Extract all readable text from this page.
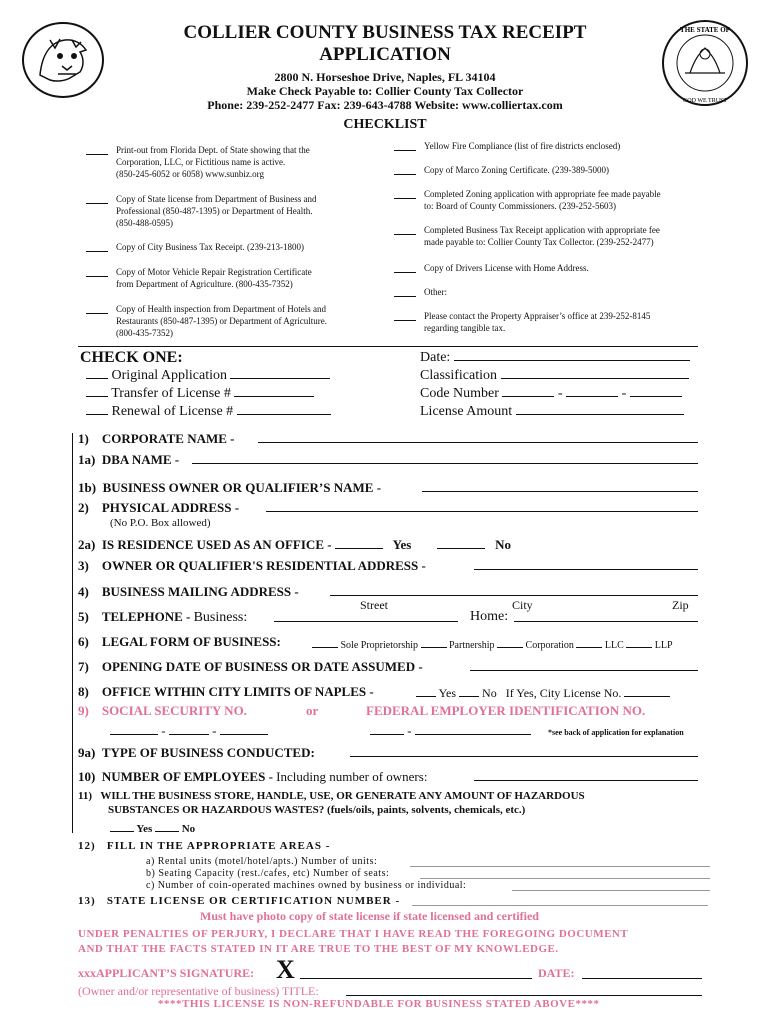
THE STATE OF
GOD WE TRUST
COLLIER COUNTY BUSINESS TAX RECEIPT
APPLICATION
2800 N. Horseshoe Drive, Naples, FL 34104
Make Check Payable to: Collier County Tax Collector
Phone: 239-252-2477 Fax: 239-643-4788 Website: www.colliertax.com
CHECKLIST
Print-out from Florida Dept. of State showing that the
Corporation, LLC, or Fictitious name is active.
(850-245-6052 or 6058) www.sunbiz.org
Copy of State license from Department of Business and
Professional (850-487-1395) or Department of Health.
(850-488-0595)
Copy of City Business Tax Receipt. (239-213-1800)
Copy of Motor Vehicle Repair Registration Certificate
from Department of Agriculture. (800-435-7352)
Copy of Health inspection from Department of Hotels and
Restaurants (850-487-1395) or Department of Agriculture.
(800-435-7352)
Yellow Fire Compliance (list of fire districts enclosed)
Copy of Marco Zoning Certificate. (239-389-5000)
Completed Zoning application with appropriate fee made payable
to: Board of County Commissioners. (239-252-5603)
Completed Business Tax Receipt application with appropriate fee
made payable to: Collier County Tax Collector. (239-252-2477)
Copy of Drivers License with Home Address.
Other:
Please contact the Property Appraiser’s office at 239-252-8145
regarding tangible tax.
CHECK ONE:
Original Application
Transfer of License #
Renewal of License #
Date:
Classification
Code Number	-	-
License Amount
1) CORPORATE NAME -
1a) DBA NAME -
1b) BUSINESS OWNER OR QUALIFIER’S NAME -
2) PHYSICAL ADDRESS -
(No P.O. Box allowed)
2a) IS RESIDENCE USED AS AN OFFICE -	Yes	No
3) OWNER OR QUALIFIER'S RESIDENTIAL ADDRESS -
4) BUSINESS MAILING ADDRESS -
Street	City	Zip
5) TELEPHONE - Business:	Home:
6) LEGAL FORM OF BUSINESS:	Sole Proprietorship	Partnership	Corporation	LLC	LLP
7) OPENING DATE OF BUSINESS OR DATE ASSUMED -
8) OFFICE WITHIN CITY LIMITS OF NAPLES -	Yes No If Yes, City License No.
9) SOCIAL SECURITY NO.	or	FEDERAL EMPLOYER IDENTIFICATION NO.
-	-	-	*see back of application for explanation
9a) TYPE OF BUSINESS CONDUCTED:
10) NUMBER OF EMPLOYEES - Including number of owners:
11) WILL THE BUSINESS STORE, HANDLE, USE, OR GENERATE ANY AMOUNT OF HAZARDOUS
SUBSTANCES OR HAZARDOUS WASTES? (fuels/oils, paints, solvents, chemicals, etc.)
Yes	No
12) FILL IN THE APPROPRIATE AREAS -
a) Rental units (motel/hotel/apts.) Number of units:
b) Seating Capacity (rest./cafes, etc) Number of seats:
c) Number of coin-operated machines owned by business or individual:
13) STATE LICENSE OR CERTIFICATION NUMBER -
Must have photo copy of state license if state licensed and certified
UNDER PENALTIES OF PERJURY, I DECLARE THAT I HAVE READ THE FOREGOING DOCUMENT
AND THAT THE FACTS STATED IN IT ARE TRUE TO THE BEST OF MY KNOWLEDGE.
xxxAPPLICANT’S SIGNATURE: X	DATE:
(Owner and/or representative of business) TITLE:
****THIS LICENSE IS NON-REFUNDABLE FOR BUSINESS STATED ABOVE****
